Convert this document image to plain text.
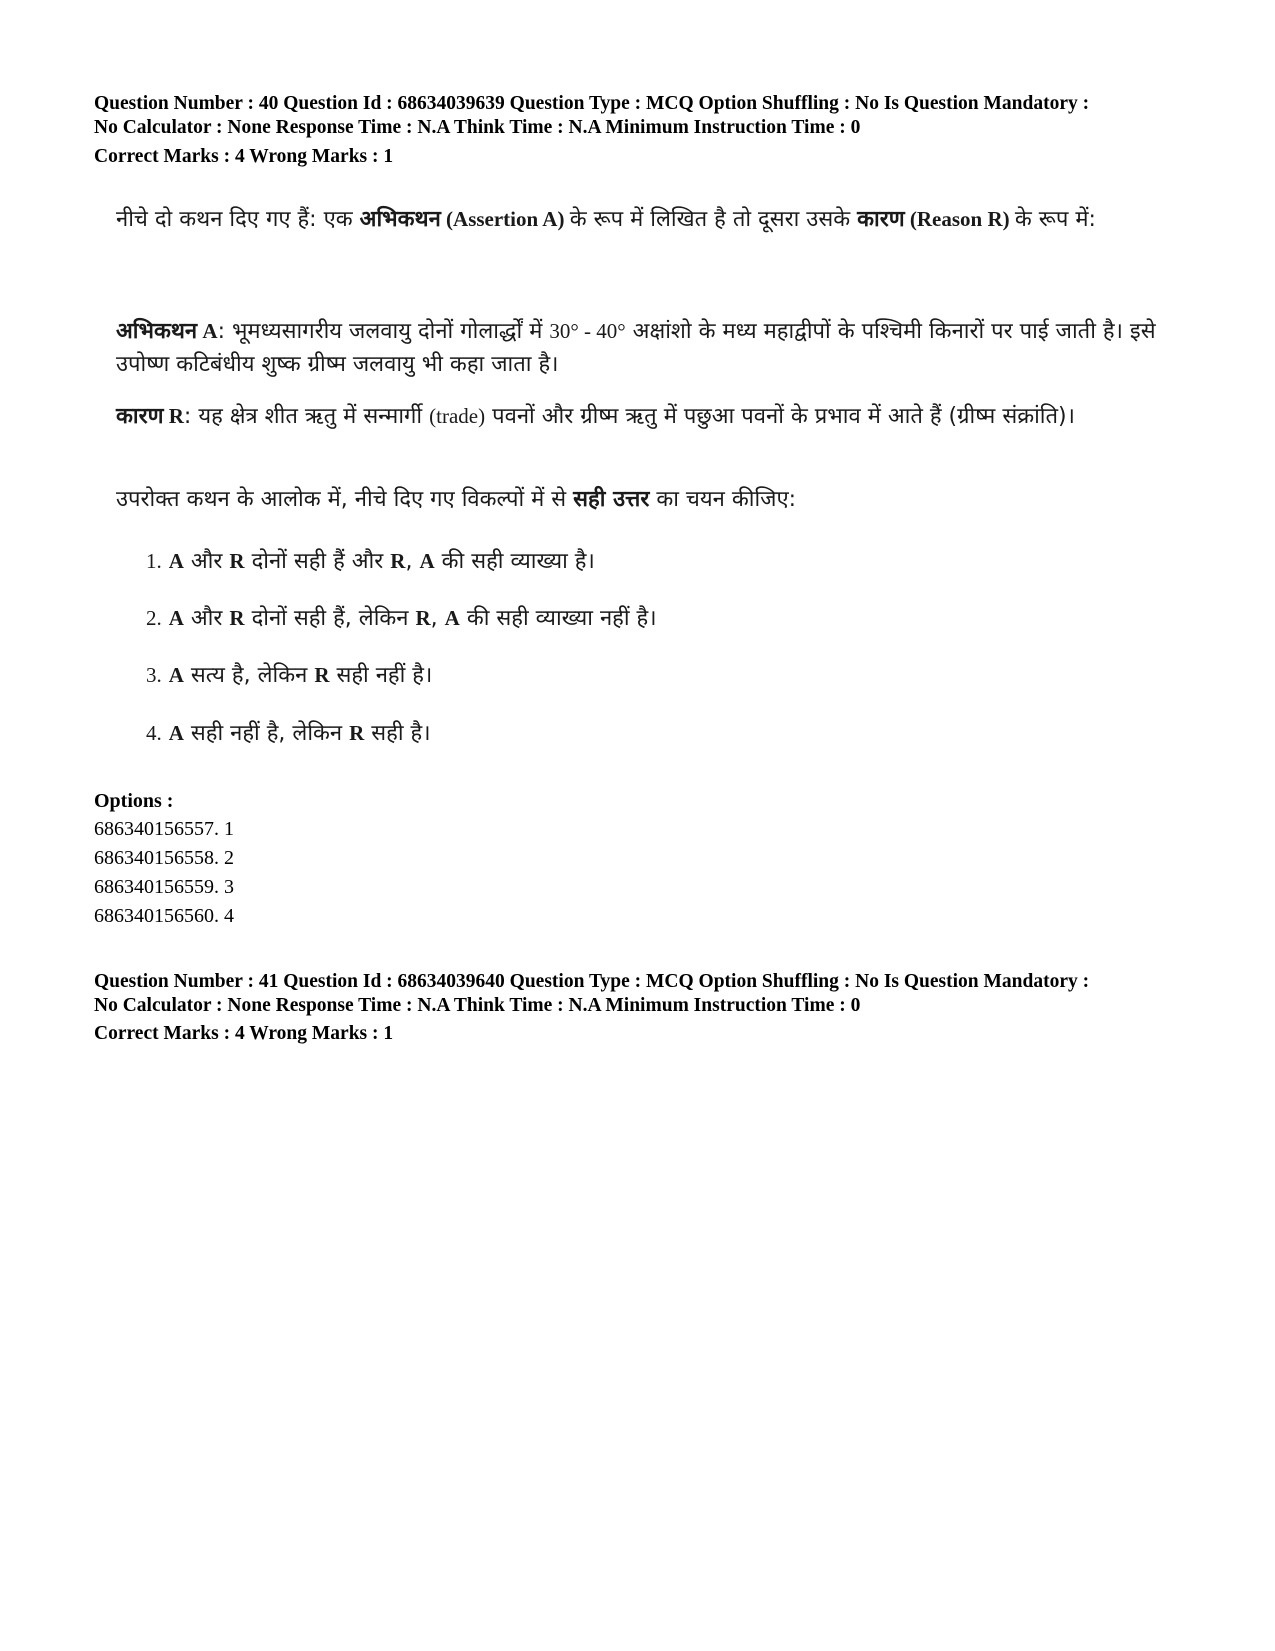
Question Number : 40 Question Id : 68634039639 Question Type : MCQ Option Shuffling : No Is Question Mandatory :
No Calculator : None Response Time : N.A Think Time : N.A Minimum Instruction Time : 0
Correct Marks : 4 Wrong Marks : 1

नीचे दो कथन दिए गए हैं: एक अभिकथन (Assertion A) के रूप में लिखित है तो दूसरा उसके कारण (Reason R) के रूप में:

अभिकथन A: भूमध्यसागरीय जलवायु दोनों गोलार्द्धों में 30° - 40° अक्षांशो के मध्य महाद्वीपों के पश्चिमी किनारों पर पाई जाती है। इसे उपोष्ण कटिबंधीय शुष्क ग्रीष्म जलवायु भी कहा जाता है।

कारण R: यह क्षेत्र शीत ऋतु में सन्मार्गी (trade) पवनों और ग्रीष्म ऋतु में पछुआ पवनों के प्रभाव में आते हैं (ग्रीष्म संक्रांति)।

उपरोक्त कथन के आलोक में, नीचे दिए गए विकल्पों में से सही उत्तर का चयन कीजिए:

1. A और R दोनों सही हैं और R, A की सही व्याख्या है।
2. A और R दोनों सही हैं, लेकिन R, A की सही व्याख्या नहीं है।
3. A सत्य है, लेकिन R सही नहीं है।
4. A सही नहीं है, लेकिन R सही है।
Options :
686340156557. 1
686340156558. 2
686340156559. 3
686340156560. 4
Question Number : 41 Question Id : 68634039640 Question Type : MCQ Option Shuffling : No Is Question Mandatory :
No Calculator : None Response Time : N.A Think Time : N.A Minimum Instruction Time : 0
Correct Marks : 4 Wrong Marks : 1
